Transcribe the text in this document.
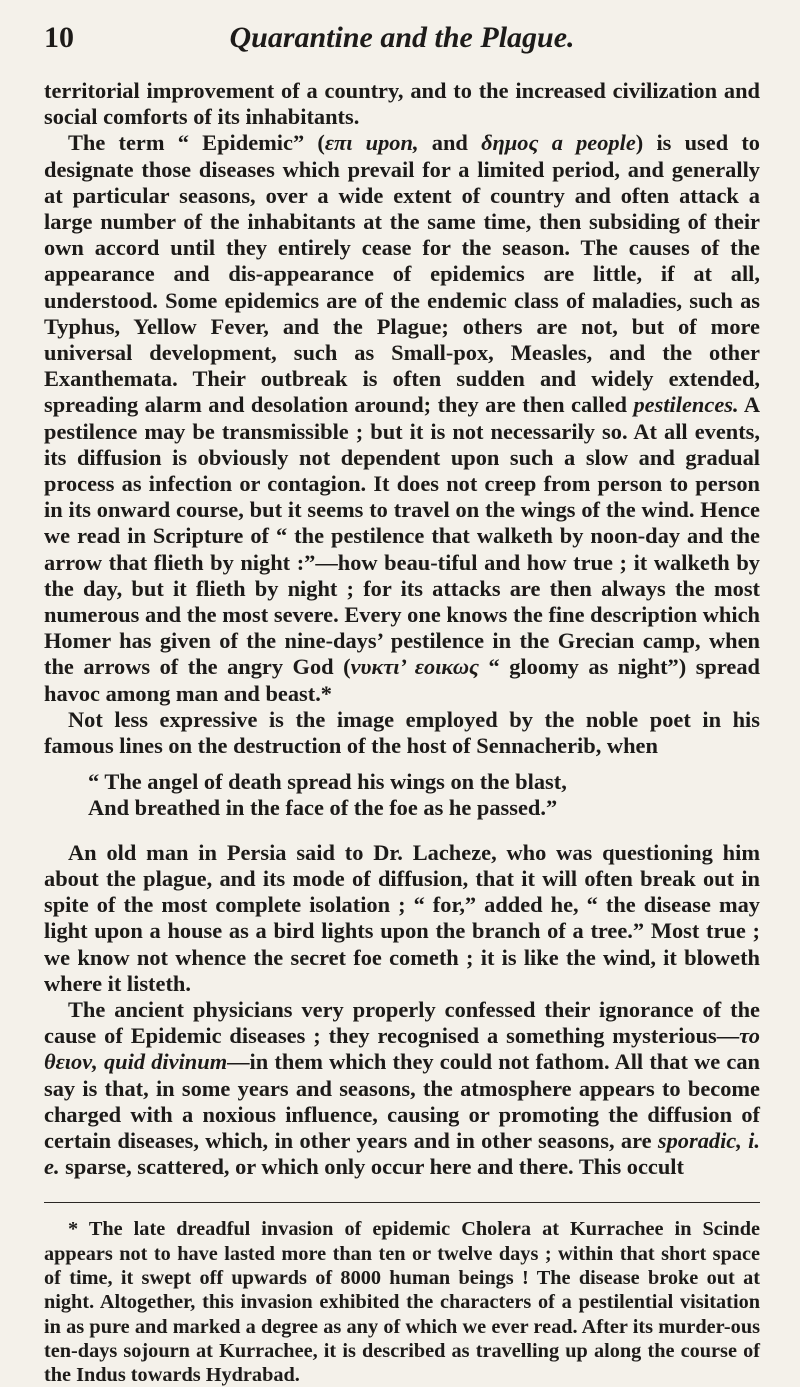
10	Quarantine and the Plague.

territorial improvement of a country, and to the increased civilization and social comforts of its inhabitants.

The term “ Epidemic” (επι upon, and δημος a people) is used to designate those diseases which prevail for a limited period, and generally at particular seasons, over a wide extent of country and often attack a large number of the inhabitants at the same time, then subsiding of their own accord until they entirely cease for the season. The causes of the appearance and dis-appearance of epidemics are little, if at all, understood. Some epidemics are of the endemic class of maladies, such as Typhus, Yellow Fever, and the Plague; others are not, but of more universal development, such as Small-pox, Measles, and the other Exanthemata. Their outbreak is often sudden and widely extended, spreading alarm and desolation around; they are then called pestilences. A pestilence may be transmissible ; but it is not necessarily so. At all events, its diffusion is obviously not dependent upon such a slow and gradual process as infection or contagion. It does not creep from person to person in its onward course, but it seems to travel on the wings of the wind. Hence we read in Scripture of “ the pestilence that walketh by noon-day and the arrow that flieth by night :”—how beau-tiful and how true ; it walketh by the day, but it flieth by night ; for its attacks are then always the most numerous and the most severe. Every one knows the fine description which Homer has given of the nine-days’ pestilence in the Grecian camp, when the arrows of the angry God (νυκτι’ εοικως “ gloomy as night”) spread havoc among man and beast.*

Not less expressive is the image employed by the noble poet in his famous lines on the destruction of the host of Sennacherib, when

“ The angel of death spread his wings on the blast,
And breathed in the face of the foe as he passed.”

An old man in Persia said to Dr. Lacheze, who was questioning him about the plague, and its mode of diffusion, that it will often break out in spite of the most complete isolation ; “ for,” added he, “ the disease may light upon a house as a bird lights upon the branch of a tree.” Most true ; we know not whence the secret foe cometh ; it is like the wind, it bloweth where it listeth.

The ancient physicians very properly confessed their ignorance of the cause of Epidemic diseases ; they recognised a something mysterious—το θειον, quid divinum—in them which they could not fathom. All that we can say is that, in some years and seasons, the atmosphere appears to become charged with a noxious influence, causing or promoting the diffusion of certain diseases, which, in other years and in other seasons, are sporadic, i. e. sparse, scattered, or which only occur here and there. This occult

* The late dreadful invasion of epidemic Cholera at Kurrachee in Scinde appears not to have lasted more than ten or twelve days ; within that short space of time, it swept off upwards of 8000 human beings ! The disease broke out at night. Altogether, this invasion exhibited the characters of a pestilential visitation in as pure and marked a degree as any of which we ever read. After its murder-ous ten-days sojourn at Kurrachee, it is described as travelling up along the course of the Indus towards Hydrabad.
